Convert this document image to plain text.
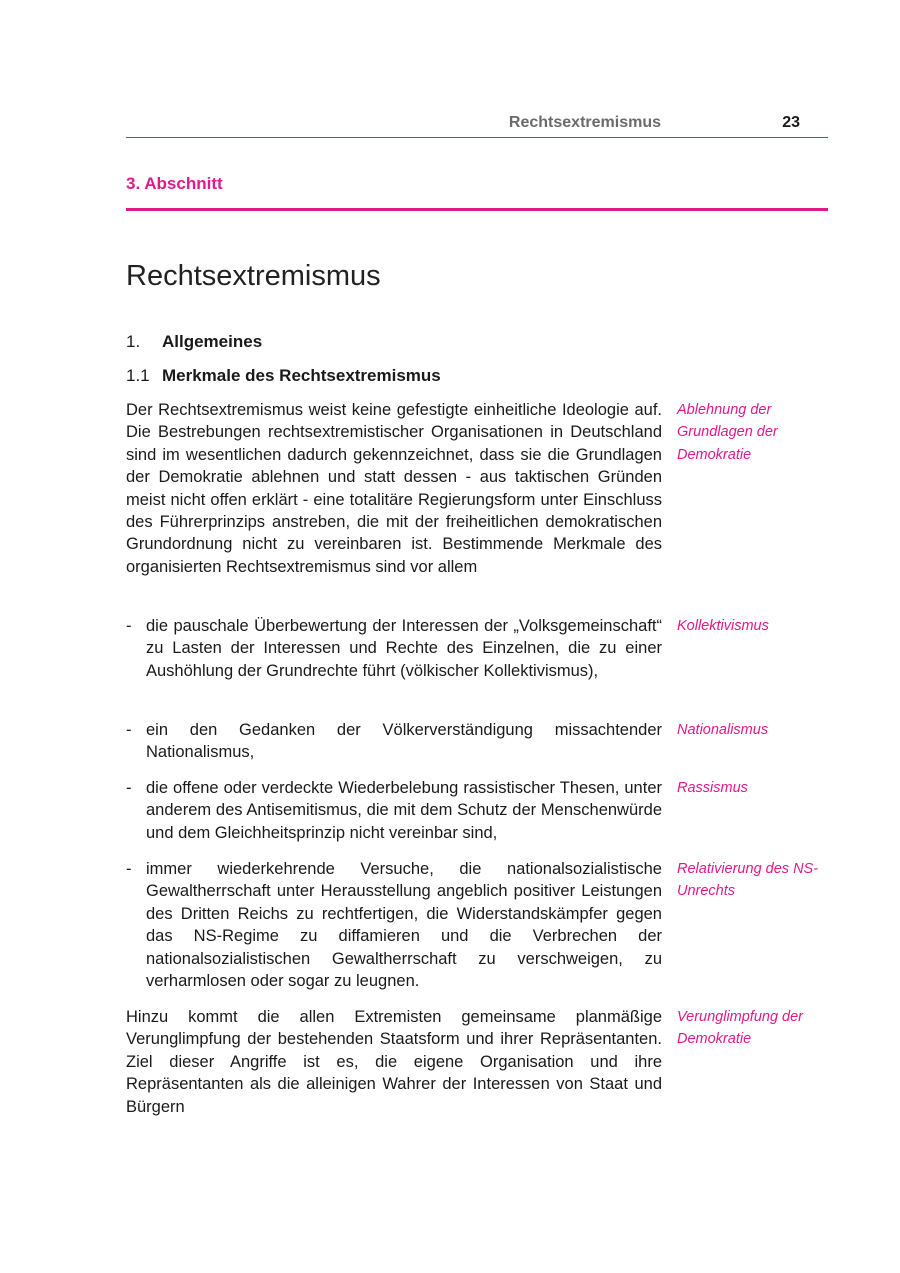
Rechtsextremismus	23
3. Abschnitt
Rechtsextremismus
1. Allgemeines
1.1 Merkmale des Rechtsextremismus
Der Rechtsextremismus weist keine gefestigte einheitliche Ideologie auf. Die Bestrebungen rechtsextremistischer Organisationen in Deutschland sind im wesentlichen dadurch gekennzeichnet, dass sie die Grundlagen der Demokratie ablehnen und statt dessen - aus taktischen Gründen meist nicht offen erklärt - eine totalitäre Regierungsform unter Einschluss des Führerprinzips anstreben, die mit der freiheitlichen demokratischen Grundordnung nicht zu vereinbaren ist. Bestimmende Merkmale des organisierten Rechtsextremismus sind vor allem
Ablehnung der Grundlagen der Demokratie
- die pauschale Überbewertung der Interessen der „Volksgemeinschaft“ zu Lasten der Interessen und Rechte des Einzelnen, die zu einer Aushöhlung der Grundrechte führt (völkischer Kollektivismus),
Kollektivismus
- ein den Gedanken der Völkerverständigung missachtender Nationalismus,
Nationalismus
- die offene oder verdeckte Wiederbelebung rassistischer Thesen, unter anderem des Antisemitismus, die mit dem Schutz der Menschenwürde und dem Gleichheitsprinzip nicht vereinbar sind,
Rassismus
- immer wiederkehrende Versuche, die nationalsozialistische Gewaltherrschaft unter Herausstellung angeblich positiver Leistungen des Dritten Reichs zu rechtfertigen, die Widerstandskämpfer gegen das NS-Regime zu diffamieren und die Verbrechen der nationalsozialistischen Gewaltherrschaft zu verschweigen, zu verharmlosen oder sogar zu leugnen.
Relativierung des NS-Unrechts
Hinzu kommt die allen Extremisten gemeinsame planmäßige Verunglimpfung der bestehenden Staatsform und ihrer Repräsentanten. Ziel dieser Angriffe ist es, die eigene Organisation und ihre Repräsentanten als die alleinigen Wahrer der Interessen von Staat und Bürgern
Verunglimpfung der Demokratie
